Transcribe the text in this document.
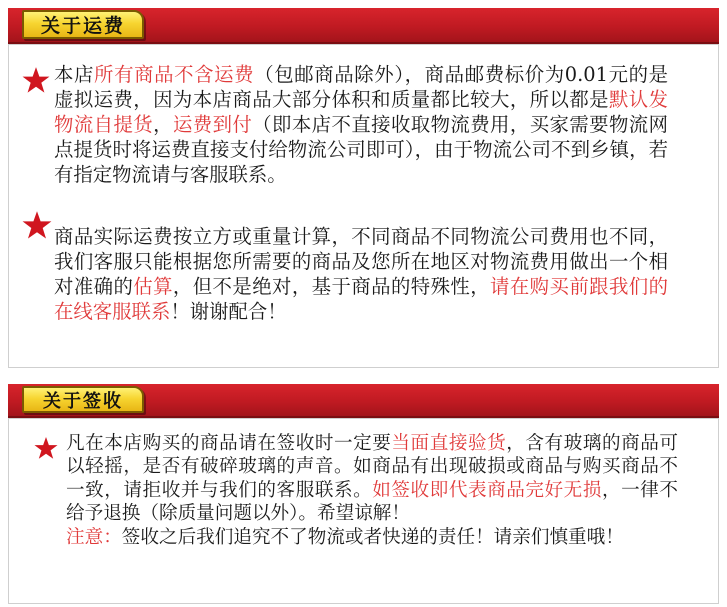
关于运费

本店所有商品不含运费（包邮商品除外），商品邮费标价为0.01元的是虚拟运费，因为本店商品大部分体积和质量都比较大，所以都是默认发物流自提货，运费到付（即本店不直接收取物流费用，买家需要物流网点提货时将运费直接支付给物流公司即可），由于物流公司不到乡镇，若有指定物流请与客服联系。

商品实际运费按立方或重量计算，不同商品不同物流公司费用也不同，我们客服只能根据您所需要的商品及您所在地区对物流费用做出一个相对准确的估算，但不是绝对，基于商品的特殊性，请在购买前跟我们的在线客服联系！谢谢配合！

关于签收

凡在本店购买的商品请在签收时一定要当面直接验货，含有玻璃的商品可以轻摇，是否有破碎玻璃的声音。如商品有出现破损或商品与购买商品不一致，请拒收并与我们的客服联系。如签收即代表商品完好无损，一律不给予退换（除质量问题以外）。希望谅解！
注意：签收之后我们追究不了物流或者快递的责任！请亲们慎重哦！
